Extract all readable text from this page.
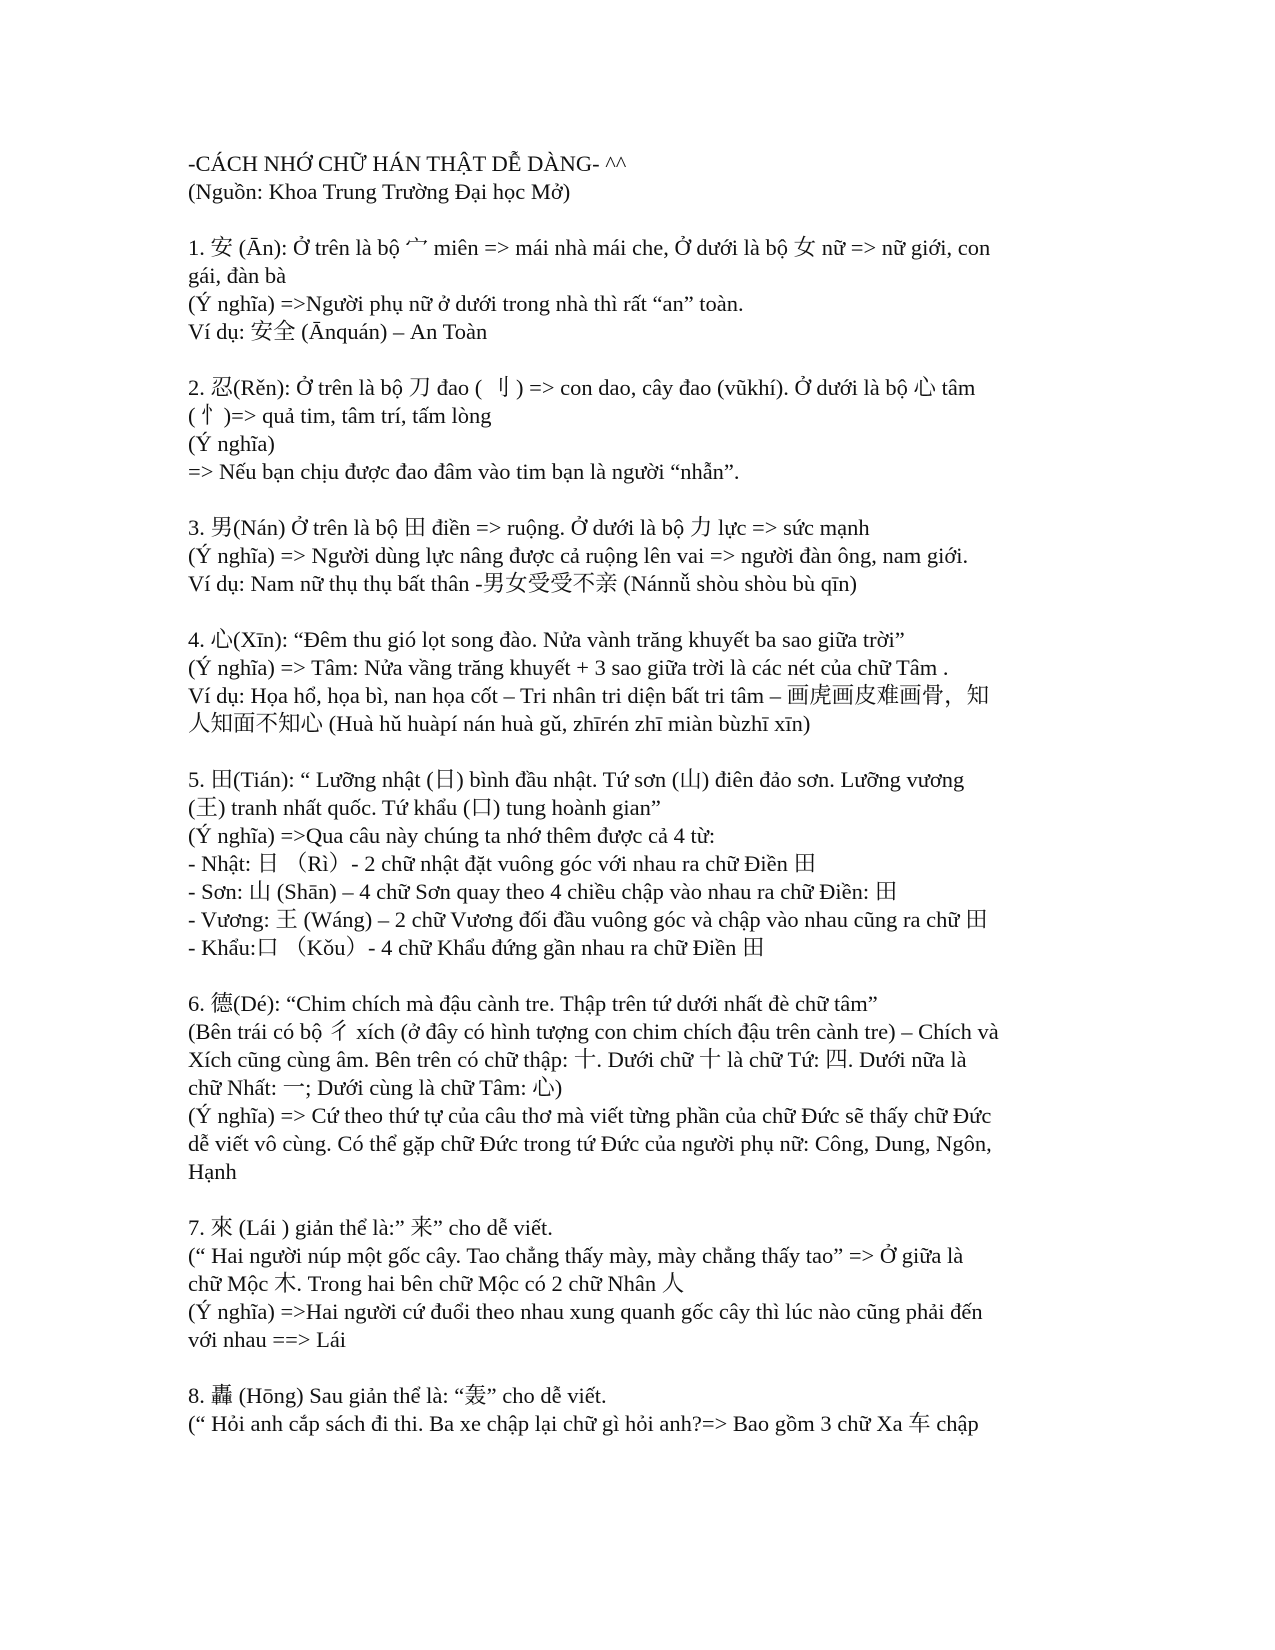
-CÁCH NHỚ CHỮ HÁN THẬT DỄ DÀNG- ^^
(Nguồn: Khoa Trung Trường Đại học Mở)
1. 安 (Ān): Ở trên là bộ 宀 miên => mái nhà mái che, Ở dưới là bộ 女 nữ => nữ giới, con
gái, đàn bà
(Ý nghĩa) =>Người phụ nữ ở dưới trong nhà thì rất “an” toàn.
Ví dụ: 安全 (Ānquán) – An Toàn
2. 忍(Rěn): Ở trên là bộ 刀 đao ( 刂 ) => con dao, cây đao (vũkhí). Ở dưới là bộ 心 tâm
( 忄)=> quả tim, tâm trí, tấm lòng
(Ý nghĩa)
=> Nếu bạn chịu được đao đâm vào tim bạn là người “nhẫn”.
3. 男(Nán) Ở trên là bộ 田 điền => ruộng. Ở dưới là bộ 力 lực => sức mạnh
(Ý nghĩa) => Người dùng lực nâng được cả ruộng lên vai => người đàn ông, nam giới.
Ví dụ: Nam nữ thụ thụ bất thân -男女受受不亲 (Nánnǚ shòu shòu bù qīn)
4. 心(Xīn): “Đêm thu gió lọt song đào. Nửa vành trăng khuyết ba sao giữa trời”
(Ý nghĩa) => Tâm: Nửa vầng trăng khuyết + 3 sao giữa trời là các nét của chữ Tâm .
Ví dụ: Họa hổ, họa bì, nan họa cốt – Tri nhân tri diện bất tri tâm – 画虎画皮难画骨，知
人知面不知心 (Huà hǔ huàpí nán huà gǔ, zhīrén zhī miàn bùzhī xīn)
5. 田(Tián): “ Lưỡng nhật (日) bình đầu nhật. Tứ sơn (山) điên đảo sơn. Lưỡng vương
(王) tranh nhất quốc. Tứ khẩu (口) tung hoành gian”
(Ý nghĩa) =>Qua câu này chúng ta nhớ thêm được cả 4 từ:
- Nhật: 日 （Rì）- 2 chữ nhật đặt vuông góc với nhau ra chữ Điền 田
- Sơn: 山 (Shān) – 4 chữ Sơn quay theo 4 chiều chập vào nhau ra chữ Điền: 田
- Vương: 王 (Wáng) – 2 chữ Vương đối đầu vuông góc và chập vào nhau cũng ra chữ 田
- Khẩu:口 （Kǒu）- 4 chữ Khẩu đứng gần nhau ra chữ Điền 田
6. 德(Dé): “Chim chích mà đậu cành tre. Thập trên tứ dưới nhất đè chữ tâm”
(Bên trái có bộ 彳 xích (ở đây có hình tượng con chim chích đậu trên cành tre) – Chích và
Xích cũng cùng âm. Bên trên có chữ thập: 十. Dưới chữ 十 là chữ Tứ: 四. Dưới nữa là
chữ Nhất: 一; Dưới cùng là chữ Tâm: 心)
(Ý nghĩa) => Cứ theo thứ tự của câu thơ mà viết từng phần của chữ Đức sẽ thấy chữ Đức
dễ viết vô cùng. Có thể gặp chữ Đức trong tứ Đức của người phụ nữ: Công, Dung, Ngôn,
Hạnh
7. 來 (Lái ) giản thể là:” 来” cho dễ viết.
(“ Hai người núp một gốc cây. Tao chẳng thấy mày, mày chẳng thấy tao” => Ở giữa là
chữ Mộc 木. Trong hai bên chữ Mộc có 2 chữ Nhân 人
(Ý nghĩa) =>Hai người cứ đuổi theo nhau xung quanh gốc cây thì lúc nào cũng phải đến
với nhau ==> Lái
8. 轟 (Hōng) Sau giản thể là: “轰” cho dễ viết.
(“ Hỏi anh cắp sách đi thi. Ba xe chập lại chữ gì hỏi anh?=> Bao gồm 3 chữ Xa 车 chập
